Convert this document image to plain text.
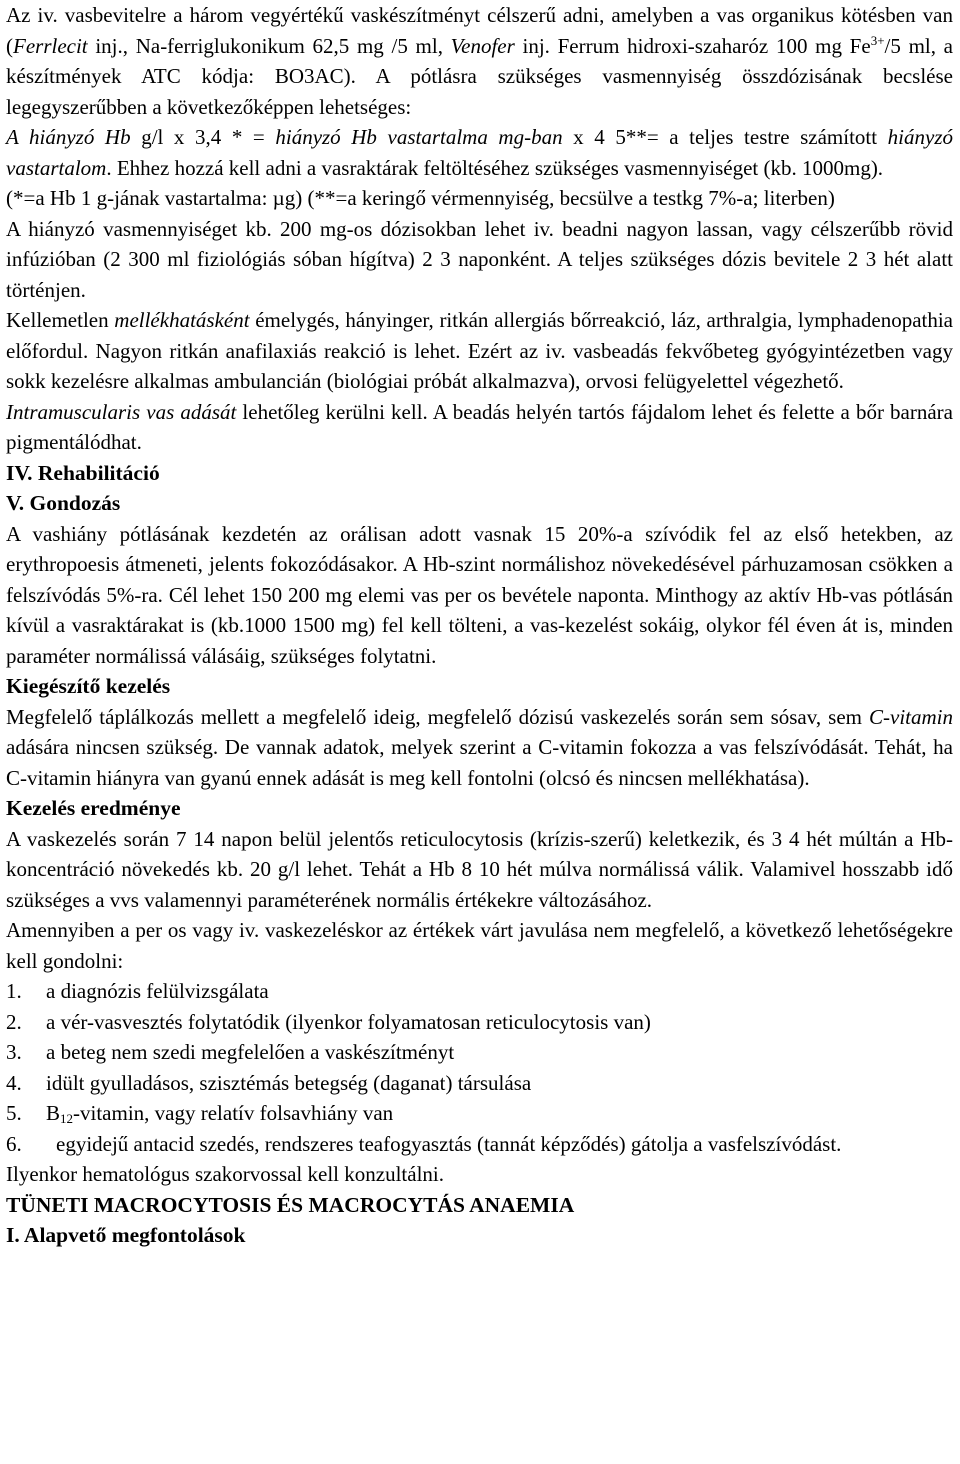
Az iv. vasbevitelre a három vegyértékű vaskészítményt célszerű adni, amelyben a vas organikus kötésben van (Ferrlecit inj., Na-ferriglukonikum 62,5 mg /5 ml, Venofer inj. Ferrum hidroxi-szaharóz 100 mg $Fe^{3+}/5$ ml, a készítmények ATC kódja: BO3AC). A pótlásra szükséges vasmennyiség összdózisának becslése legegyszerűbben a következőképpen lehetséges:

A hiányzó Hb g/l x 3,4 * = hiányzó Hb vastartalma mg-ban x 4 5**= a teljes testre számított hiányzó vastartalom. Ehhez hozzá kell adni a vasraktárak feltöltéséhez szükséges vasmennyiséget (kb. 1000mg).

(*=a Hb 1 g-jának vastartalma: µg) (**=a keringő vérmennyiség, becsülve a testkg 7%-a; literben)

A hiányzó vasmennyiséget kb. 200 mg-os dózisokban lehet iv. beadni nagyon lassan, vagy célszerűbb rövid infúzióban (2 300 ml fiziológiás sóban hígítva) 2 3 naponként. A teljes szükséges dózis bevitele 2 3 hét alatt történjen.

Kellemetlen mellékhatásként émelygés, hányinger, ritkán allergiás bőrreakció, láz, arthralgia, lymphadenopathia előfordul. Nagyon ritkán anafilaxiás reakció is lehet. Ezért az iv. vasbeadás fekvőbeteg gyógyintézetben vagy sokk kezelésre alkalmas ambulancián (biológiai próbát alkalmazva), orvosi felügyelettel végezhető.

Intramuscularis vas adását lehetőleg kerülni kell. A beadás helyén tartós fájdalom lehet és felette a bőr barnára pigmentálódhat.

IV. Rehabilitáció

V. Gondozás

A vashiány pótlásának kezdetén az orálisan adott vasnak 15 20%-a szívódik fel az első hetekben, az erythropoesis átmeneti, jelents fokozódásakor. A Hb-szint normálishoz növekedésével párhuzamosan csökken a felszívódás 5%-ra. Cél lehet 150 200 mg elemi vas per os bevétele naponta. Minthogy az aktív Hb-vas pótlásán kívül a vasraktárakat is (kb.1000 1500 mg) fel kell tölteni, a vas-kezelést sokáig, olykor fél éven át is, minden paraméter normálissá válásáig, szükséges folytatni.

Kiegészítő kezelés

Megfelelő táplálkozás mellett a megfelelő ideig, megfelelő dózisú vaskezelés során sem sósav, sem C-vitamin adására nincsen szükség. De vannak adatok, melyek szerint a C-vitamin fokozza a vas felszívódását. Tehát, ha C-vitamin hiányra van gyanú ennek adását is meg kell fontolni (olcsó és nincsen mellékhatása).

Kezelés eredménye

A vaskezelés során 7 14 napon belül jelentős reticulocytosis (krízis-szerű) keletkezik, és 3 4 hét múltán a Hb-koncentráció növekedés kb. 20 g/l lehet. Tehát a Hb 8 10 hét múlva normálissá válik. Valamivel hosszabb idő szükséges a vvs valamennyi paraméterének normális értékekre változásához.

Amennyiben a per os vagy iv. vaskezeléskor az értékek várt javulása nem megfelelő, a következő lehetőségekre kell gondolni:

1.	a diagnózis felülvizsgálata
2.	a vér-vasvesztés folytatódik (ilyenkor folyamatosan reticulocytosis van)
3.	a beteg nem szedi megfelelően a vaskészítményt
4.	idült gyulladásos, szisztémás betegség (daganat) társulása
5.	$B_{12}$-vitamin, vagy relatív folsavhiány van
6.	egyidejű antacid szedés, rendszeres teafogyasztás (tannát képződés) gátolja a vasfelszívódást.

Ilyenkor hematológus szakorvossal kell konzultálni.

TÜNETI MACROCYTOSIS ÉS MACROCYTÁS ANAEMIA

I. Alapvető megfontolások
